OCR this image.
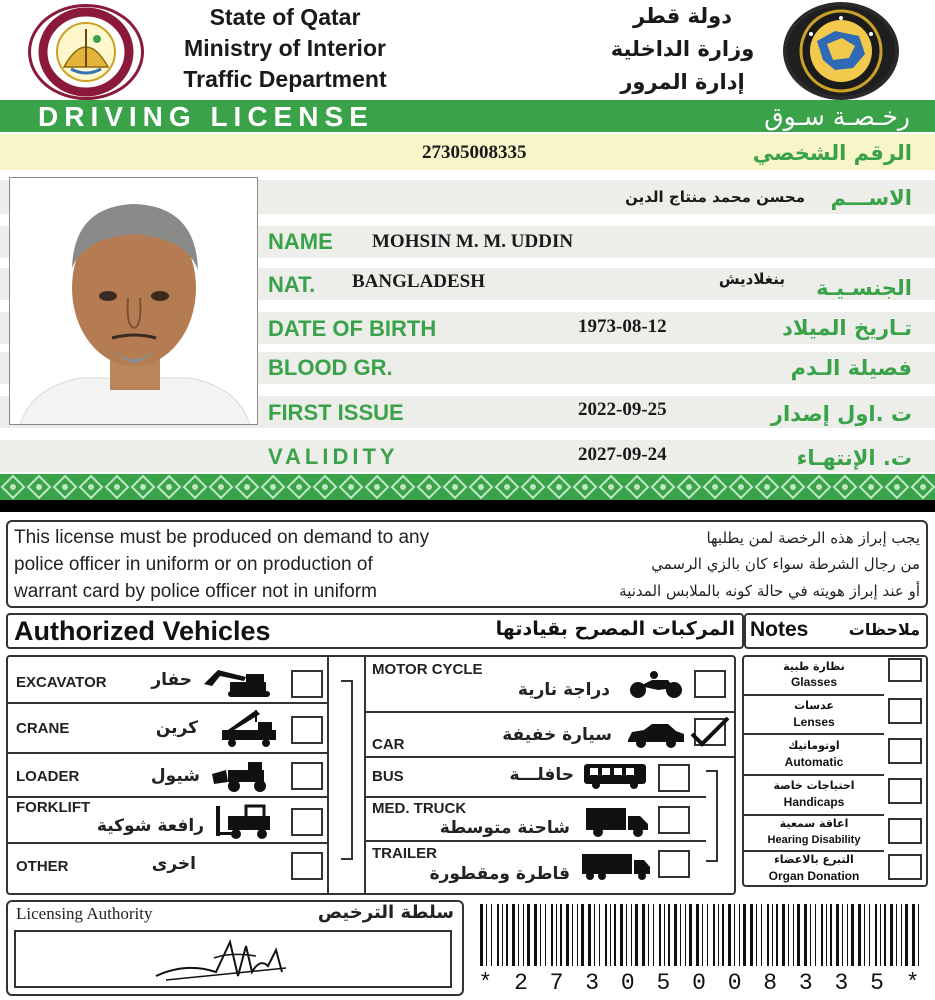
State of Qatar
Ministry of Interior
Traffic Department
دولة قطر
وزارة الداخلية
إدارة المرور
DRIVING LICENSE	رخـصـة سـوق
27305008335	الرقم الشخصي
محسن محمد منتاج الدين	الاســـم
NAME MOHSIN M. M. UDDIN
NAT. BANGLADESH	بنغلاديش	الجنسـيـة
DATE OF BIRTH	1973-08-12	تـاريخ الميلاد
BLOOD GR.	فصيلة الـدم
FIRST ISSUE	2022-09-25	ت .اول إصدار
VALIDITY	2027-09-24	ت. الإنتهـاء
This license must be produced on demand to any
police officer in uniform or on production of
warrant card by police officer not in uniform
يجب إبراز هذه الرخصة لمن يطلبها
من رجال الشرطة سواء كان بالزي الرسمي
أو عند إبراز هويته في حالة كونه بالملابس المدنية
Authorized Vehicles	المركبات المصرح بقيادتها Notes	ملاحظات
EXCAVATOR	حفار
CRANE	كرين
LOADER	شيول
FORKLIFT
رافعة شوكية
OTHER	اخرى
MOTOR CYCLE
دراجة نارية
CAR	سيارة خفيفة
BUS	حافلـــة
MED. TRUCK
شاحنة متوسطة
TRAILER
قاطرة ومقطورة
نظارة طبية
Glasses
عدسات
Lenses
اوتوماتيك
Automatic
احتياجات خاصة
Handicaps
اعاقة سمعية
Hearing Disability
التبرع بالاعضاء
Organ Donation
Licensing Authority	سلطة الترخيص
* 2 7 3 0 5 0 0 8 3 3 5 *
